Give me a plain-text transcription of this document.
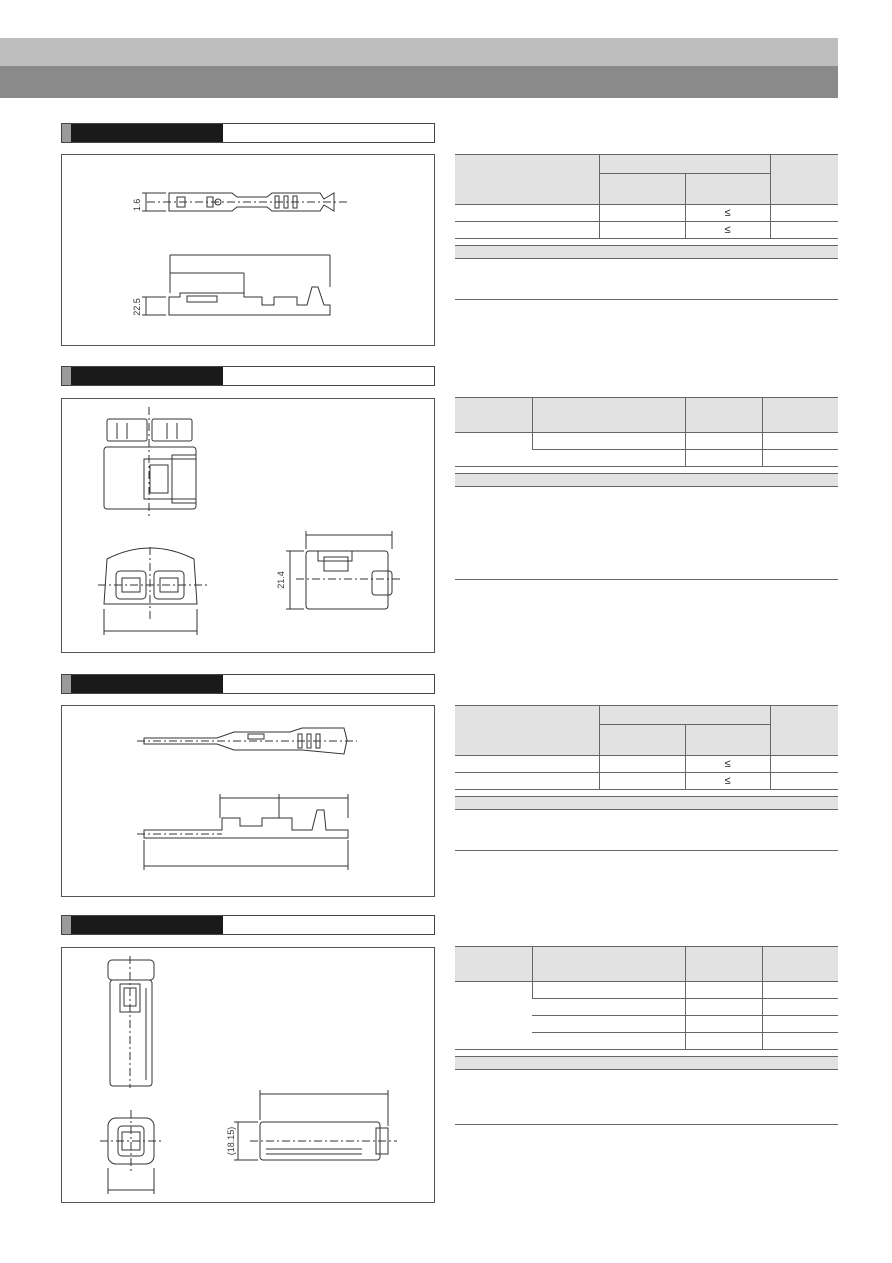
1.6
22.5

		≤	
		≤	
21.4

		≤	
		≤	
(18.15)
